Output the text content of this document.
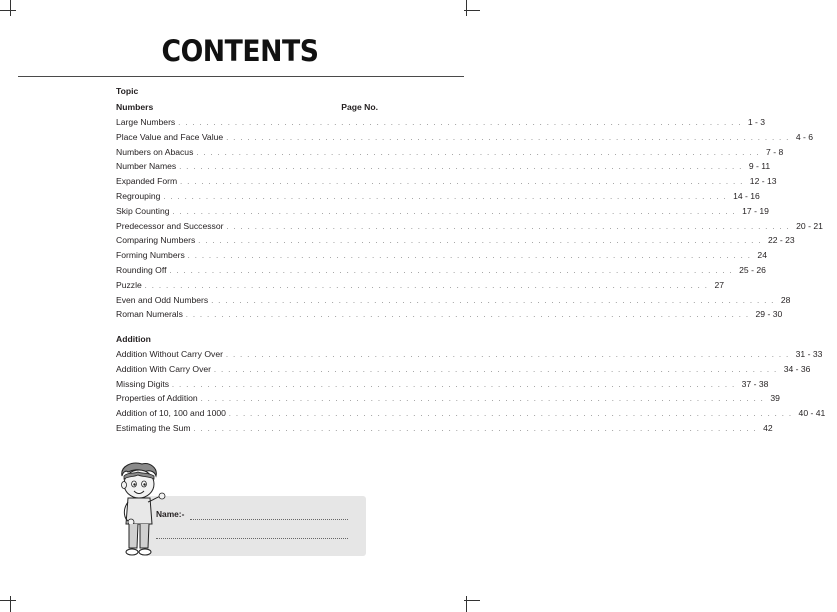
CONTENTS
Topic
Numbers	Page No.
Large Numbers . . . . . . . . . . . . . . . . . . . . . . . . . . . . . . . . . . . . . . . . . . . . . . . . . . . . . . . . . . . . . . . . . . . . . . . . . . . . . . . . 1 - 3
Place Value and Face Value . . . . . . . . . . . . . . . . . . . . . . . . . . . . . . . . . . . . . . . . . . . . . . . . . . . . . . . . . . . . . . . . . . . . . . . . . . . . . . . . 4 - 6
Numbers on Abacus . . . . . . . . . . . . . . . . . . . . . . . . . . . . . . . . . . . . . . . . . . . . . . . . . . . . . . . . . . . . . . . . . . . . . . . . . . . . . . . . 7 - 8
Number Names . . . . . . . . . . . . . . . . . . . . . . . . . . . . . . . . . . . . . . . . . . . . . . . . . . . . . . . . . . . . . . . . . . . . . . . . . . . . . . . . 9 - 11
Expanded Form . . . . . . . . . . . . . . . . . . . . . . . . . . . . . . . . . . . . . . . . . . . . . . . . . . . . . . . . . . . . . . . . . . . . . . . . . . . . . . . . 12 - 13
Regrouping . . . . . . . . . . . . . . . . . . . . . . . . . . . . . . . . . . . . . . . . . . . . . . . . . . . . . . . . . . . . . . . . . . . . . . . . . . . . . . . . 14 - 16
Skip Counting . . . . . . . . . . . . . . . . . . . . . . . . . . . . . . . . . . . . . . . . . . . . . . . . . . . . . . . . . . . . . . . . . . . . . . . . . . . . . . . . 17 - 19
Predecessor and Successor . . . . . . . . . . . . . . . . . . . . . . . . . . . . . . . . . . . . . . . . . . . . . . . . . . . . . . . . . . . . . . . . . . . . . . . . . . . . . . . . 20 - 21
Comparing Numbers . . . . . . . . . . . . . . . . . . . . . . . . . . . . . . . . . . . . . . . . . . . . . . . . . . . . . . . . . . . . . . . . . . . . . . . . . . . . . . . . 22 - 23
Forming Numbers . . . . . . . . . . . . . . . . . . . . . . . . . . . . . . . . . . . . . . . . . . . . . . . . . . . . . . . . . . . . . . . . . . . . . . . . . . . . . . . . 24
Rounding Off . . . . . . . . . . . . . . . . . . . . . . . . . . . . . . . . . . . . . . . . . . . . . . . . . . . . . . . . . . . . . . . . . . . . . . . . . . . . . . . . 25 - 26
Puzzle . . . . . . . . . . . . . . . . . . . . . . . . . . . . . . . . . . . . . . . . . . . . . . . . . . . . . . . . . . . . . . . . . . . . . . . . . . . . . . . . 27
Even and Odd Numbers . . . . . . . . . . . . . . . . . . . . . . . . . . . . . . . . . . . . . . . . . . . . . . . . . . . . . . . . . . . . . . . . . . . . . . . . . . . . . . . . 28
Roman Numerals . . . . . . . . . . . . . . . . . . . . . . . . . . . . . . . . . . . . . . . . . . . . . . . . . . . . . . . . . . . . . . . . . . . . . . . . . . . . . . . . 29 - 30
Addition
Addition Without Carry Over . . . . . . . . . . . . . . . . . . . . . . . . . . . . . . . . . . . . . . . . . . . . . . . . . . . . . . . . . . . . . . . . . . . . . . . . . . . . . . . . 31 - 33
Addition With Carry Over . . . . . . . . . . . . . . . . . . . . . . . . . . . . . . . . . . . . . . . . . . . . . . . . . . . . . . . . . . . . . . . . . . . . . . . . . . . . . . . . 34 - 36
Missing Digits . . . . . . . . . . . . . . . . . . . . . . . . . . . . . . . . . . . . . . . . . . . . . . . . . . . . . . . . . . . . . . . . . . . . . . . . . . . . . . . . 37 - 38
Properties of Addition . . . . . . . . . . . . . . . . . . . . . . . . . . . . . . . . . . . . . . . . . . . . . . . . . . . . . . . . . . . . . . . . . . . . . . . . . . . . . . . . 39
Addition of 10, 100 and 1000 . . . . . . . . . . . . . . . . . . . . . . . . . . . . . . . . . . . . . . . . . . . . . . . . . . . . . . . . . . . . . . . . . . . . . . . . . . . . . . . . 40 - 41
Estimating the Sum . . . . . . . . . . . . . . . . . . . . . . . . . . . . . . . . . . . . . . . . . . . . . . . . . . . . . . . . . . . . . . . . . . . . . . . . . . . . . . . . 42
Name:-
